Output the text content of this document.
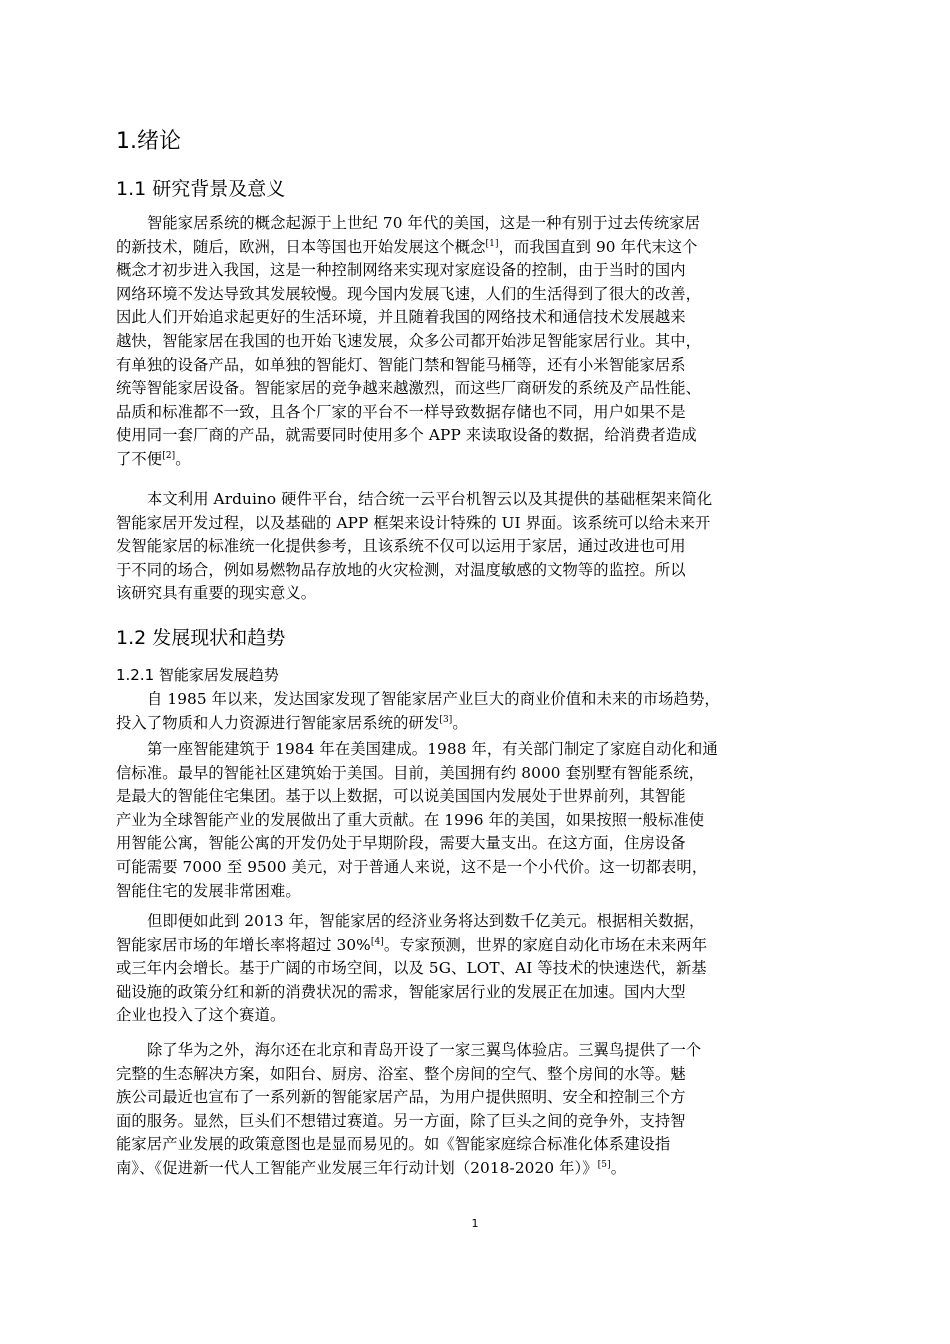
1.绪论
1.1 研究背景及意义
智能家居系统的概念起源于上世纪 70 年代的美国，这是一种有别于过去传统家居
的新技术，随后，欧洲，日本等国也开始发展这个概念[1]，而我国直到 90 年代末这个
概念才初步进入我国，这是一种控制网络来实现对家庭设备的控制，由于当时的国内
网络环境不发达导致其发展较慢。现今国内发展飞速，人们的生活得到了很大的改善，
因此人们开始追求起更好的生活环境，并且随着我国的网络技术和通信技术发展越来
越快，智能家居在我国的也开始飞速发展，众多公司都开始涉足智能家居行业。其中，
有单独的设备产品，如单独的智能灯、智能门禁和智能马桶等，还有小米智能家居系
统等智能家居设备。智能家居的竞争越来越激烈，而这些厂商研发的系统及产品性能、
品质和标准都不一致，且各个厂家的平台不一样导致数据存储也不同，用户如果不是
使用同一套厂商的产品，就需要同时使用多个 APP 来读取设备的数据，给消费者造成
了不便[2]。
本文利用 Arduino 硬件平台，结合统一云平台机智云以及其提供的基础框架来简化
智能家居开发过程，以及基础的 APP 框架来设计特殊的 UI 界面。该系统可以给未来开
发智能家居的标准统一化提供参考，且该系统不仅可以运用于家居，通过改进也可用
于不同的场合，例如易燃物品存放地的火灾检测，对温度敏感的文物等的监控。所以
该研究具有重要的现实意义。
1.2 发展现状和趋势
1.2.1 智能家居发展趋势
自 1985 年以来，发达国家发现了智能家居产业巨大的商业价值和未来的市场趋势，
投入了物质和人力资源进行智能家居系统的研发[3]。
第一座智能建筑于 1984 年在美国建成。1988 年，有关部门制定了家庭自动化和通
信标准。最早的智能社区建筑始于美国。目前，美国拥有约 8000 套别墅有智能系统，
是最大的智能住宅集团。基于以上数据，可以说美国国内发展处于世界前列，其智能
产业为全球智能产业的发展做出了重大贡献。在 1996 年的美国，如果按照一般标准使
用智能公寓，智能公寓的开发仍处于早期阶段，需要大量支出。在这方面，住房设备
可能需要 7000 至 9500 美元，对于普通人来说，这不是一个小代价。这一切都表明，
智能住宅的发展非常困难。
但即便如此到 2013 年，智能家居的经济业务将达到数千亿美元。根据相关数据，
智能家居市场的年增长率将超过 30%[4]。专家预测，世界的家庭自动化市场在未来两年
或三年内会增长。基于广阔的市场空间，以及 5G、LOT、AI 等技术的快速迭代，新基
础设施的政策分红和新的消费状况的需求，智能家居行业的发展正在加速。国内大型
企业也投入了这个赛道。
除了华为之外，海尔还在北京和青岛开设了一家三翼鸟体验店。三翼鸟提供了一个
完整的生态解决方案，如阳台、厨房、浴室、整个房间的空气、整个房间的水等。魅
族公司最近也宣布了一系列新的智能家居产品，为用户提供照明、安全和控制三个方
面的服务。显然，巨头们不想错过赛道。另一方面，除了巨头之间的竞争外，支持智
能家居产业发展的政策意图也是显而易见的。如《智能家庭综合标准化体系建设指
南》、《促进新一代人工智能产业发展三年行动计划（2018-2020 年）》[5]。
1
